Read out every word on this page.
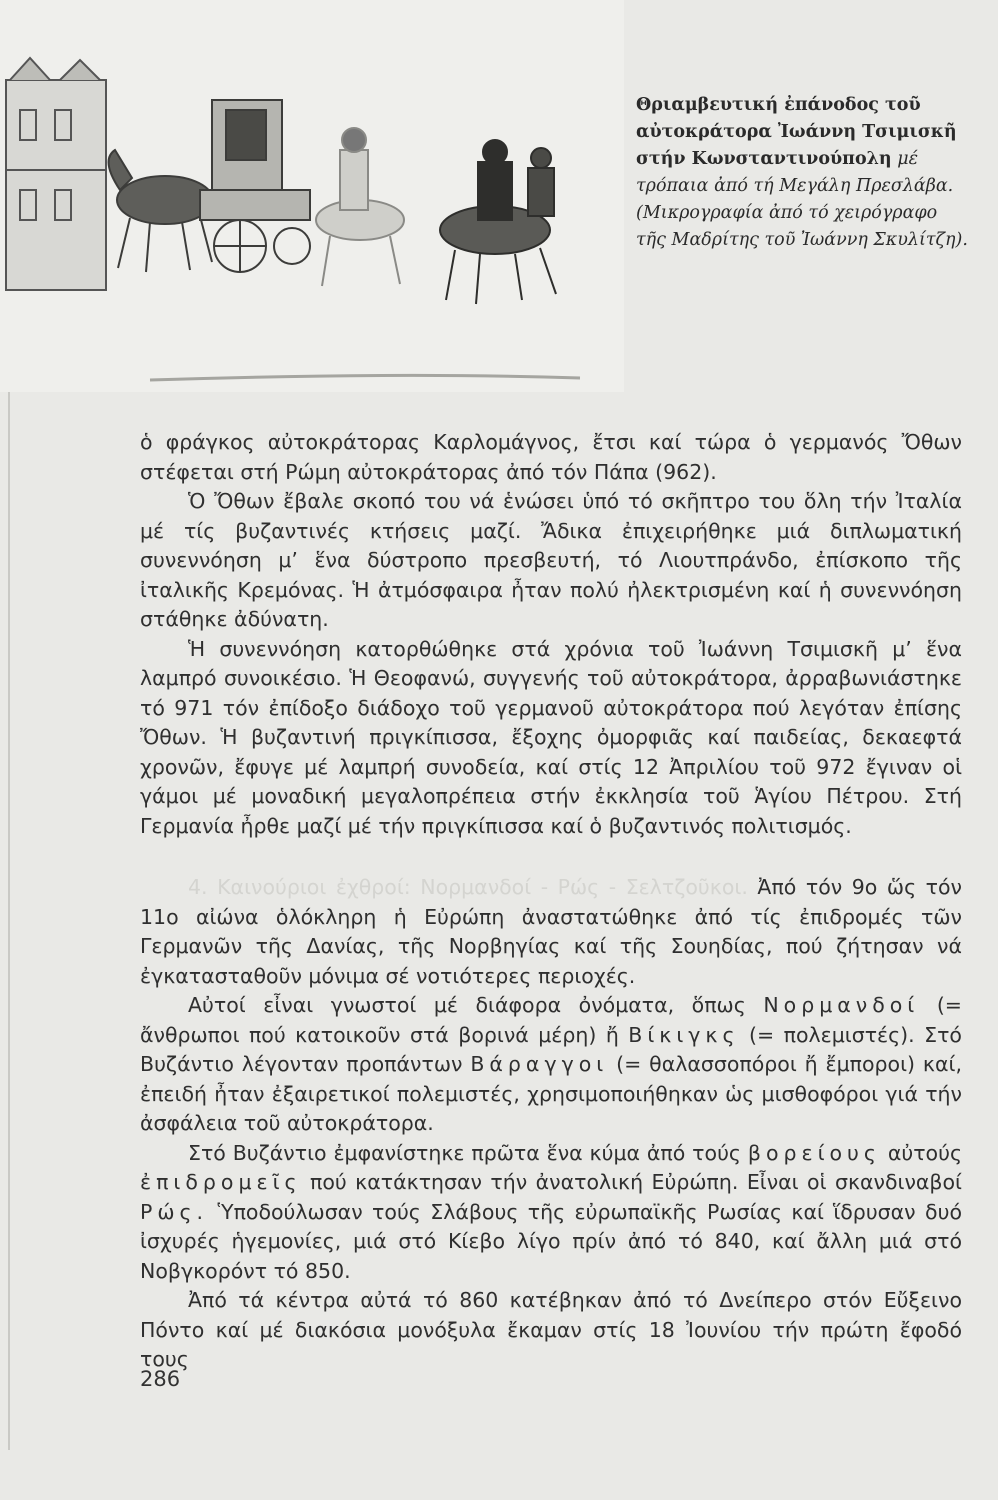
Θριαμβευτική ἐπάνοδος τοῦ αὐτοκράτορα Ἰωάννη Τσιμισκῆ στήν Κωνσταντινούπολη μέ τρόπαια ἀπό τή Μεγάλη Πρεσλάβα. (Μικρογραφία ἀπό τό χειρόγραφο τῆς Μαδρίτης τοῦ Ἰωάννη Σκυλίτζη).

ὁ φράγκος αὐτοκράτορας Καρλομάγνος, ἔτσι καί τώρα ὁ γερμανός Ὄθων στέφεται στή Ρώμη αὐτοκράτορας ἀπό τόν Πάπα (962).

Ὁ Ὄθων ἔβαλε σκοπό του νά ἑνώσει ὑπό τό σκῆπτρο του ὅλη τήν Ἰταλία μέ τίς βυζαντινές κτήσεις μαζί. Ἄδικα ἐπιχειρήθηκε μιά διπλωματική συνεννόηση μ’ ἕνα δύστροπο πρεσβευτή, τό Λιουτπράνδο, ἐπίσκοπο τῆς ἰταλικῆς Κρεμόνας. Ἡ ἀτμόσφαιρα ἦταν πολύ ἠλεκτρισμένη καί ἡ συνεννόηση στάθηκε ἀδύνατη.

Ἡ συνεννόηση κατορθώθηκε στά χρόνια τοῦ Ἰωάννη Τσιμισκῆ μ’ ἕνα λαμπρό συνοικέσιο. Ἡ Θεοφανώ, συγγενής τοῦ αὐτοκράτορα, ἀρραβωνιάστηκε τό 971 τόν ἐπίδοξο διάδοχο τοῦ γερμανοῦ αὐτοκράτορα πού λεγόταν ἐπίσης Ὄθων. Ἡ βυζαντινή πριγκίπισσα, ἔξοχης ὀμορφιᾶς καί παιδείας, δεκαεφτά χρονῶν, ἔφυγε μέ λαμπρή συνοδεία, καί στίς 12 Ἀπριλίου τοῦ 972 ἔγιναν οἱ γάμοι μέ μοναδική μεγαλοπρέπεια στήν ἐκκλησία τοῦ Ἁγίου Πέτρου. Στή Γερμανία ἦρθε μαζί μέ τήν πριγκίπισσα καί ὁ βυζαντινός πολιτισμός.

4. Καινούριοι ἐχθροί: Νορμανδοί - Ρώς - Σελτζοῦκοι. Ἀπό τόν 9ο ὥς τόν 11ο αἰώνα ὁλόκληρη ἡ Εὐρώπη ἀναστατώθηκε ἀπό τίς ἐπιδρομές τῶν Γερμανῶν τῆς Δανίας, τῆς Νορβηγίας καί τῆς Σουηδίας, πού ζήτησαν νά ἐγκατασταθοῦν μόνιμα σέ νοτιότερες περιοχές.

Αὐτοί εἶναι γνωστοί μέ διάφορα ὀνόματα, ὅπως Νορμανδοί (= ἄνθρωποι πού κατοικοῦν στά βορινά μέρη) ἤ Βίκιγκς (= πολεμιστές). Στό Βυζάντιο λέγονταν προπάντων Βάραγγοι (= θαλασσοπόροι ἤ ἔμποροι) καί, ἐπειδή ἦταν ἐξαιρετικοί πολεμιστές, χρησιμοποιήθηκαν ὡς μισθοφόροι γιά τήν ἀσφάλεια τοῦ αὐτοκράτορα.

Στό Βυζάντιο ἐμφανίστηκε πρῶτα ἕνα κύμα ἀπό τούς βορείους αὐτούς ἐπιδρομεῖς πού κατάκτησαν τήν ἀνατολική Εὐρώπη. Εἶναι οἱ σκανδιναβοί Ρώς. Ὑποδούλωσαν τούς Σλάβους τῆς εὐρωπαϊκῆς Ρωσίας καί ἵδρυσαν δυό ἰσχυρές ἡγεμονίες, μιά στό Κίεβο λίγο πρίν ἀπό τό 840, καί ἄλλη μιά στό Νοβγκορόντ τό 850.

Ἀπό τά κέντρα αὐτά τό 860 κατέβηκαν ἀπό τό Δνείπερο στόν Εὔξεινο Πόντο καί μέ διακόσια μονόξυλα ἔκαμαν στίς 18 Ἰουνίου τήν πρώτη ἔφοδό τους

286
